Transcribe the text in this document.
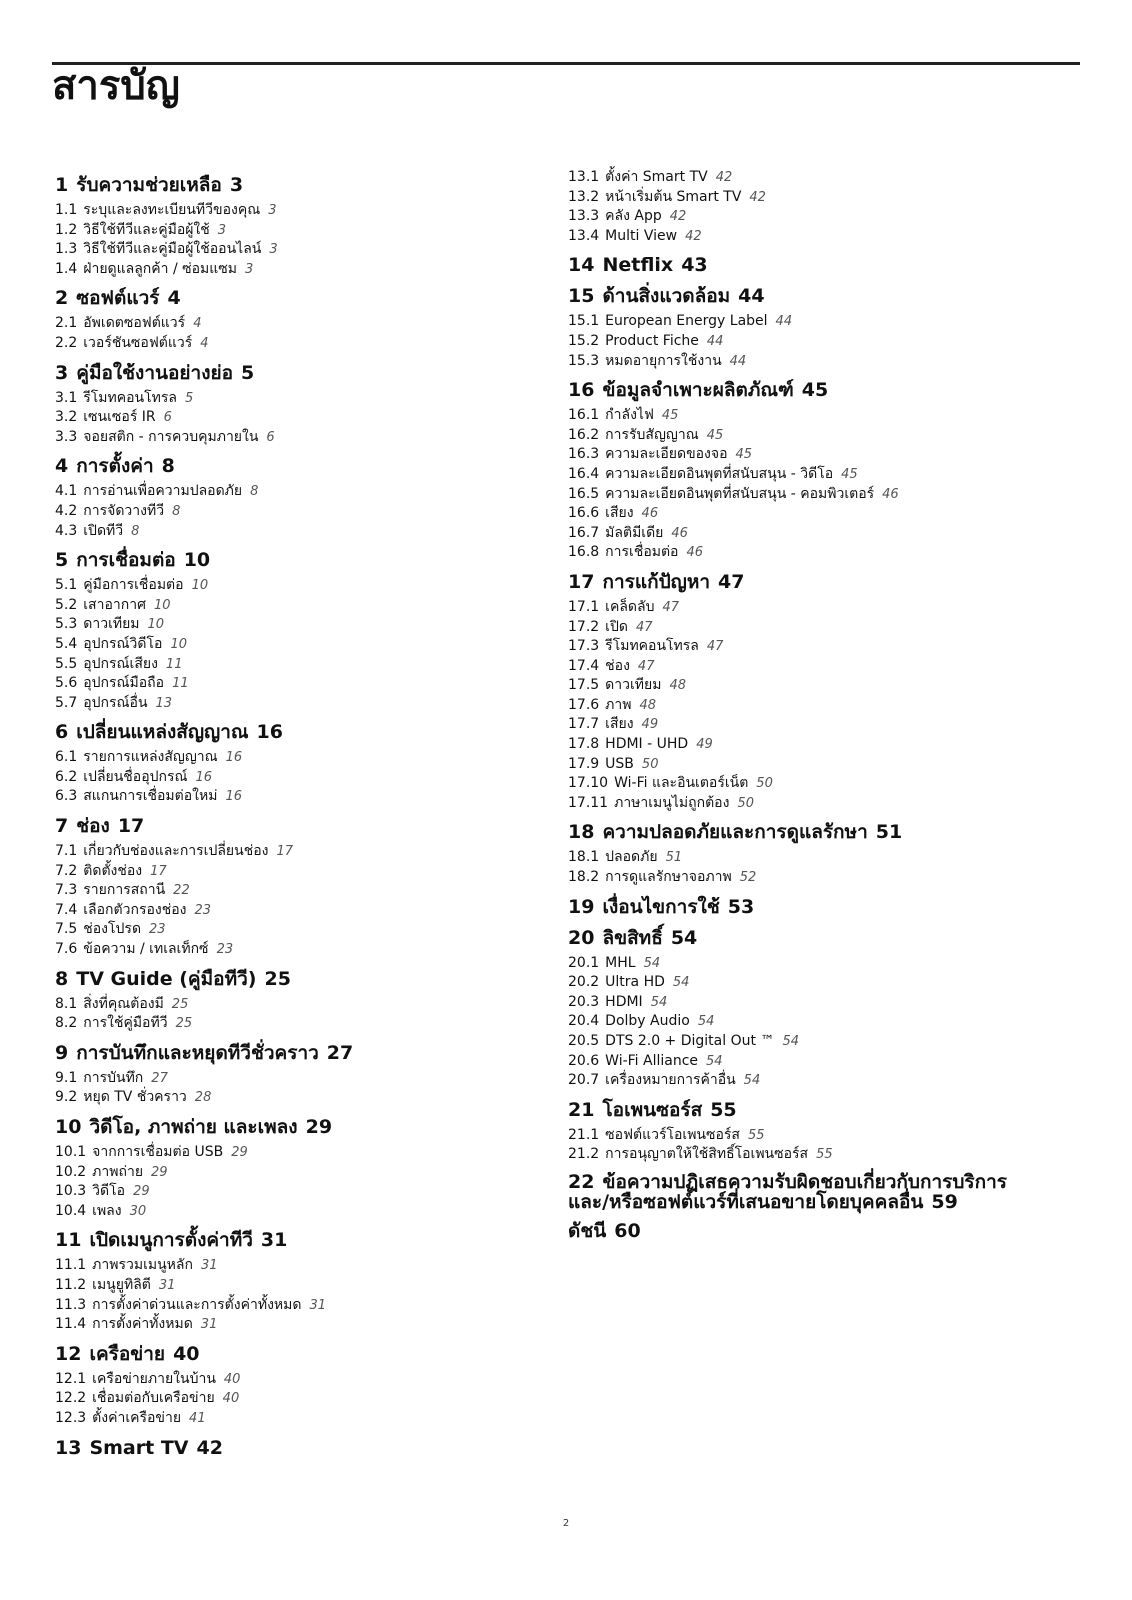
สารบัญ
1 รับความช่วยเหลือ 3
1.1 ระบุและลงทะเบียนทีวีของคุณ 3
1.2 วิธีใช้ทีวีและคู่มือผู้ใช้ 3
1.3 วิธีใช้ทีวีและคู่มือผู้ใช้ออนไลน์ 3
1.4 ฝ่ายดูแลลูกค้า / ซ่อมแซม 3
2 ซอฟต์แวร์ 4
2.1 อัพเดตซอฟต์แวร์ 4
2.2 เวอร์ชันซอฟต์แวร์ 4
3 คู่มือใช้งานอย่างย่อ 5
3.1 รีโมทคอนโทรล 5
3.2 เซนเซอร์ IR 6
3.3 จอยสติก - การควบคุมภายใน 6
4 การตั้งค่า 8
4.1 การอ่านเพื่อความปลอดภัย 8
4.2 การจัดวางทีวี 8
4.3 เปิดทีวี 8
5 การเชื่อมต่อ 10
5.1 คู่มือการเชื่อมต่อ 10
5.2 เสาอากาศ 10
5.3 ดาวเทียม 10
5.4 อุปกรณ์วิดีโอ 10
5.5 อุปกรณ์เสียง 11
5.6 อุปกรณ์มือถือ 11
5.7 อุปกรณ์อื่น 13
6 เปลี่ยนแหล่งสัญญาณ 16
6.1 รายการแหล่งสัญญาณ 16
6.2 เปลี่ยนชื่ออุปกรณ์ 16
6.3 สแกนการเชื่อมต่อใหม่ 16
7 ช่อง 17
7.1 เกี่ยวกับช่องและการเปลี่ยนช่อง 17
7.2 ติดตั้งช่อง 17
7.3 รายการสถานี 22
7.4 เลือกตัวกรองช่อง 23
7.5 ช่องโปรด 23
7.6 ข้อความ / เทเลเท็กซ์ 23
8 TV Guide (คู่มือทีวี) 25
8.1 สิ่งที่คุณต้องมี 25
8.2 การใช้คู่มือทีวี 25
9 การบันทึกและหยุดทีวีชั่วคราว 27
9.1 การบันทึก 27
9.2 หยุด TV ชั่วคราว 28
10 วิดีโอ, ภาพถ่าย และเพลง 29
10.1 จากการเชื่อมต่อ USB 29
10.2 ภาพถ่าย 29
10.3 วิดีโอ 29
10.4 เพลง 30
11 เปิดเมนูการตั้งค่าทีวี 31
11.1 ภาพรวมเมนูหลัก 31
11.2 เมนูยูทิลิตี 31
11.3 การตั้งค่าด่วนและการตั้งค่าทั้งหมด 31
11.4 การตั้งค่าทั้งหมด 31
12 เครือข่าย 40
12.1 เครือข่ายภายในบ้าน 40
12.2 เชื่อมต่อกับเครือข่าย 40
12.3 ตั้งค่าเครือข่าย 41
13 Smart TV 42
13.1 ตั้งค่า Smart TV 42
13.2 หน้าเริ่มต้น Smart TV 42
13.3 คลัง App 42
13.4 Multi View 42
14 Netflix 43
15 ด้านสิ่งแวดล้อม 44
15.1 European Energy Label 44
15.2 Product Fiche 44
15.3 หมดอายุการใช้งาน 44
16 ข้อมูลจำเพาะผลิตภัณฑ์ 45
16.1 กำลังไฟ 45
16.2 การรับสัญญาณ 45
16.3 ความละเอียดของจอ 45
16.4 ความละเอียดอินพุตที่สนับสนุน - วิดีโอ 45
16.5 ความละเอียดอินพุตที่สนับสนุน - คอมพิวเตอร์ 46
16.6 เสียง 46
16.7 มัลติมีเดีย 46
16.8 การเชื่อมต่อ 46
17 การแก้ปัญหา 47
17.1 เคล็ดลับ 47
17.2 เปิด 47
17.3 รีโมทคอนโทรล 47
17.4 ช่อง 47
17.5 ดาวเทียม 48
17.6 ภาพ 48
17.7 เสียง 49
17.8 HDMI - UHD 49
17.9 USB 50
17.10 Wi-Fi และอินเตอร์เน็ต 50
17.11 ภาษาเมนูไม่ถูกต้อง 50
18 ความปลอดภัยและการดูแลรักษา 51
18.1 ปลอดภัย 51
18.2 การดูแลรักษาจอภาพ 52
19 เงื่อนไขการใช้ 53
20 ลิขสิทธิ์ 54
20.1 MHL 54
20.2 Ultra HD 54
20.3 HDMI 54
20.4 Dolby Audio 54
20.5 DTS 2.0 + Digital Out ™ 54
20.6 Wi-Fi Alliance 54
20.7 เครื่องหมายการค้าอื่น 54
21 โอเพนซอร์ส 55
21.1 ซอฟต์แวร์โอเพนซอร์ส 55
21.2 การอนุญาตให้ใช้สิทธิ์โอเพนซอร์ส 55
22 ข้อความปฏิเสธความรับผิดชอบเกี่ยวกับการบริการและ/หรือซอฟต์แวร์ที่เสนอขายโดยบุคคลอื่น 59
ดัชนี 60
2
